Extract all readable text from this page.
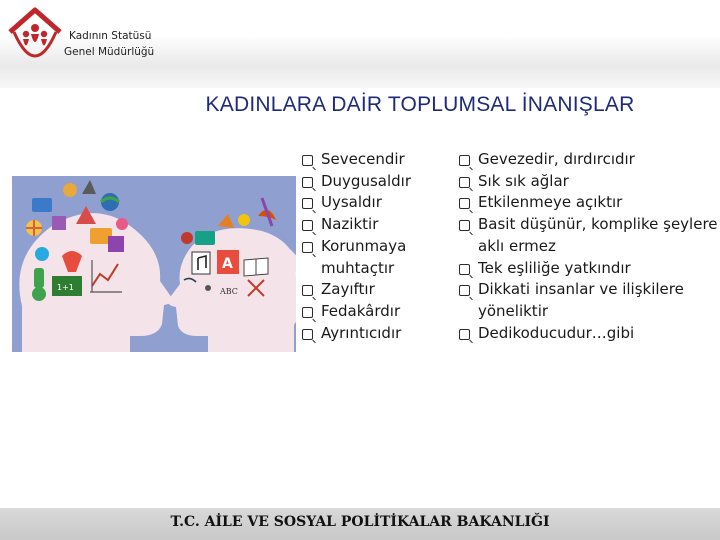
Kadının Statüsü
Genel Müdürlüğü
KADINLARA DAİR TOPLUMSAL İNANIŞLAR
1+1
A
ABC
Sevecendir
Duygusaldır
Uysaldır
Naziktir
Korunmaya muhtaçtır
Zayıftır
Fedakârdır
Ayrıntıcıdır
Gevezedir, dırdırcıdır
Sık sık ağlar
Etkilenmeye açıktır
Basit düşünür, komplike şeylere aklı ermez
Tek eşliliğe yatkındır
Dikkati insanlar ve ilişkilere yöneliktir
Dedikoducudur…gibi
T.C. AİLE VE SOSYAL POLİTİKALAR BAKANLIĞI
